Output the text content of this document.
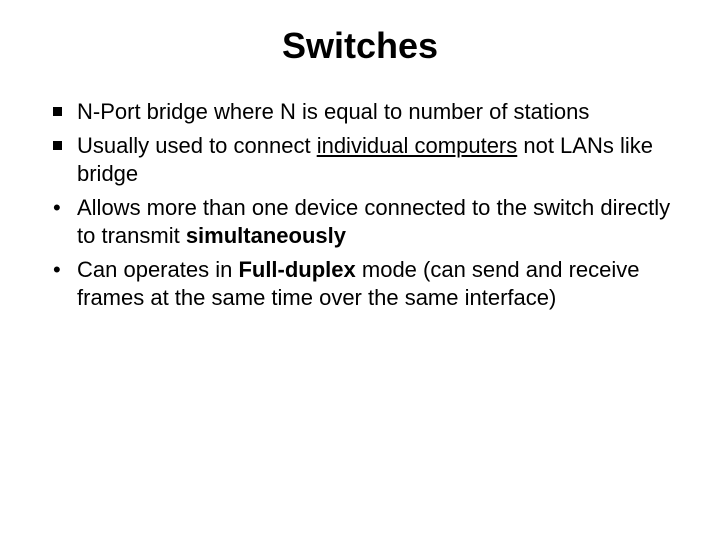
Switches
N-Port bridge where N is equal to number of stations
Usually used to connect individual computers not LANs like bridge
• Allows more than one device connected to the switch directly to transmit simultaneously
• Can operates in Full-duplex mode (can send and receive frames at the same time over the same interface)
